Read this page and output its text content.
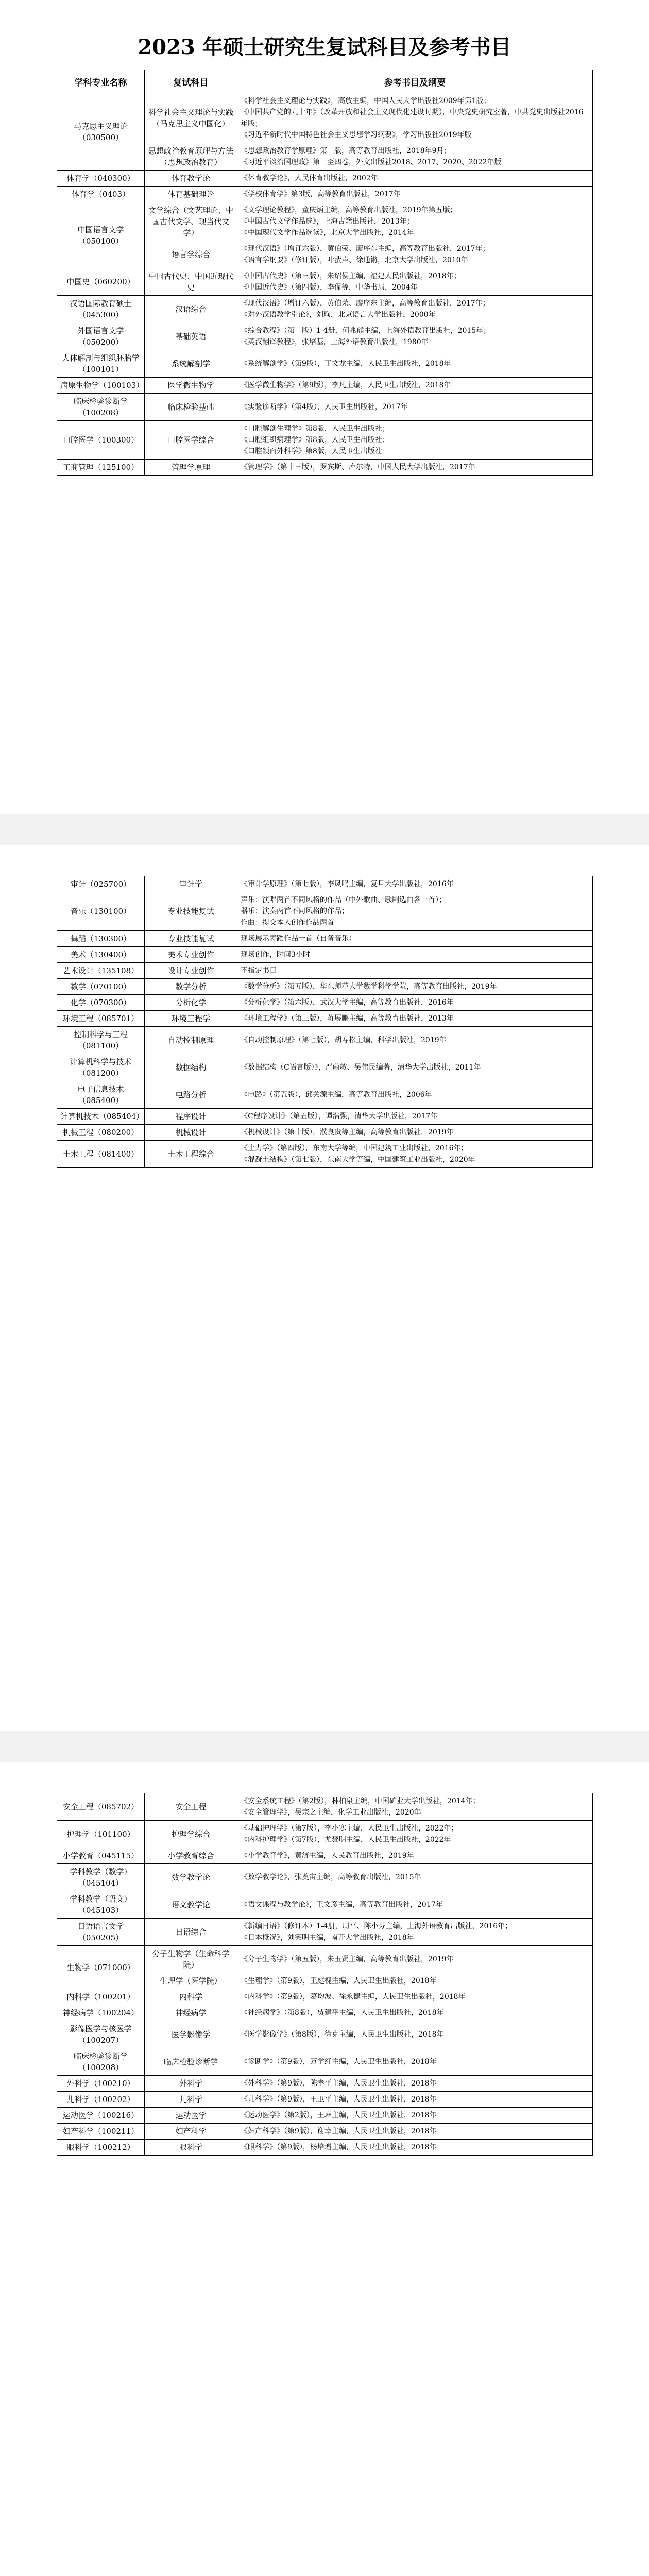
2023 年硕士研究生复试科目及参考书目
学科专业名称	复试科目	参考书目及纲要
马克思主义理论（030500）	科学社会主义理论与实践（马克思主义中国化）	《科学社会主义理论与实践》，高放主编，中国人民大学出版社2009年第1版；
《中国共产党的九十年》（改革开放和社会主义现代化建设时期），中央党史研究室著，中共党史出版社2016年版；
《习近平新时代中国特色社会主义思想学习纲要》，学习出版社2019年版

	思想政治教育原理与方法（思想政治教育）	《思想政治教育学原理》第二版，高等教育出版社，2018年9月；
《习近平谈治国理政》第一至四卷，外文出版社2018、2017、2020、2022年版

体育学（040300）	体育教学论	《体育教学论》，人民体育出版社，2002年

体育学（0403）	体育基础理论	《学校体育学》第3版，高等教育出版社，2017年

中国语言文学（050100）	文学综合（文艺理论、中国古代文学、现当代文学）	《文学理论教程》，童庆炳主编，高等教育出版社，2019年第五版；
《中国古代文学作品选》，上海古籍出版社，2013年；
《中国现代文学作品选读》，北京大学出版社，2014年

	语言学综合	《现代汉语》（增订六版），黄伯荣、廖序东主编，高等教育出版社，2017年；
《语言学纲要》（修订版），叶蜚声、徐通锵，北京大学出版社，2010年

中国史（060200）	中国古代史、中国近现代史	《中国古代史》（第三版），朱绍侯主编，福建人民出版社，2018年；
《中国近代史》（第四版），李侃等，中华书局，2004年

汉语国际教育硕士（045300）	汉语综合	《现代汉语》（增订六版），黄伯荣、廖序东主编，高等教育出版社，2017年；
《对外汉语教学引论》，刘珣，北京语言大学出版社，2000年

外国语言文学（050200）	基础英语	《综合教程》（第二版）1-4册，何兆熊主编，上海外语教育出版社，2015年；
《英汉翻译教程》，张培基，上海外语教育出版社，1980年

人体解剖与组织胚胎学（100101）	系统解剖学	《系统解剖学》（第9版），丁文龙主编，人民卫生出版社，2018年

病原生物学（100103）	医学微生物学	《医学微生物学》（第9版），李凡主编，人民卫生出版社，2018年

临床检验诊断学（100208）	临床检验基础	《实验诊断学》（第4版），人民卫生出版社，2017年

口腔医学（100300）	口腔医学综合	《口腔解剖生理学》第8版，人民卫生出版社；
《口腔组织病理学》第8版，人民卫生出版社；
《口腔颌面外科学》第8版，人民卫生出版社

工商管理（125100）	管理学原理	《管理学》（第十三版），罗宾斯、库尔特，中国人民大学出版社，2017年
审计（025700）	审计学	《审计学原理》（第七版），李凤鸣主编，复旦大学出版社，2016年

音乐（130100）	专业技能复试	声乐：演唱两首不同风格的作品（中外歌曲、歌剧选曲各一首）；
器乐：演奏两首不同风格的作品；
作曲：提交本人创作作品两首

舞蹈（130300）	专业技能复试	现场展示舞蹈作品一首（自备音乐）

美术（130400）	美术专业创作	现场创作，时间3小时

艺术设计（135108）	设计专业创作	不指定书目

数学（070100）	数学分析	《数学分析》（第五版），华东师范大学数学科学学院，高等教育出版社，2019年

化学（070300）	分析化学	《分析化学》（第六版），武汉大学主编，高等教育出版社，2016年

环境工程（085701）	环境工程学	《环境工程学》（第三版），蒋展鹏主编，高等教育出版社，2013年

控制科学与工程（081100）	自动控制原理	《自动控制原理》（第七版），胡寿松主编，科学出版社，2019年

计算机科学与技术（081200）	数据结构	《数据结构（C语言版）》，严蔚敏、吴伟民编著，清华大学出版社，2011年

电子信息技术（085400）	电路分析	《电路》（第五版），邱关源主编，高等教育出版社，2006年

计算机技术（085404）	程序设计	《C程序设计》（第五版），谭浩强，清华大学出版社，2017年

机械工程（080200）	机械设计	《机械设计》（第十版），濮良贵等主编，高等教育出版社，2019年

土木工程（081400）	土木工程综合	《土力学》（第四版），东南大学等编，中国建筑工业出版社，2016年；
《混凝土结构》（第七版），东南大学等编，中国建筑工业出版社，2020年
安全工程（085702）	安全工程	《安全系统工程》（第2版），林柏泉主编，中国矿业大学出版社，2014年；
《安全管理学》，吴宗之主编，化学工业出版社，2020年

护理学（101100）	护理学综合	《基础护理学》（第7版），李小寒主编，人民卫生出版社，2022年；
《内科护理学》（第7版），尤黎明主编，人民卫生出版社，2022年

小学教育（045115）	小学教育综合	《小学教育学》，黄济主编，人民教育出版社，2019年

学科教学（数学）（045104）	数学教学论	《数学教学论》，张奠宙主编，高等教育出版社，2015年

学科教学（语文）（045103）	语文教学论	《语文课程与教学论》，王文彦主编，高等教育出版社，2017年

日语语言文学（050205）	日语综合	《新编日语》（修订本）1-4册，周平、陈小芬主编，上海外语教育出版社，2016年；
《日本概况》，刘笑明主编，南开大学出版社，2018年

生物学（071000）	分子生物学（生命科学院）	《分子生物学》（第五版），朱玉贤主编，高等教育出版社，2019年

	生理学（医学院）	《生理学》（第9版），王庭槐主编，人民卫生出版社，2018年

内科学（100201）	内科学	《内科学》（第9版），葛均波、徐永健主编，人民卫生出版社，2018年

神经病学（100204）	神经病学	《神经病学》（第8版），贾建平主编，人民卫生出版社，2018年

影像医学与核医学（100207）	医学影像学	《医学影像学》（第8版），徐克主编，人民卫生出版社，2018年

临床检验诊断学（100208）	临床检验诊断学	《诊断学》（第9版），万学红主编，人民卫生出版社，2018年

外科学（100210）	外科学	《外科学》（第9版），陈孝平主编，人民卫生出版社，2018年

儿科学（100202）	儿科学	《儿科学》（第9版），王卫平主编，人民卫生出版社，2018年

运动医学（100216）	运动医学	《运动医学》（第2版），王琳主编，人民卫生出版社，2018年

妇产科学（100211）	妇产科学	《妇产科学》（第9版），谢幸主编，人民卫生出版社，2018年

眼科学（100212）	眼科学	《眼科学》（第9版），杨培增主编，人民卫生出版社，2018年
